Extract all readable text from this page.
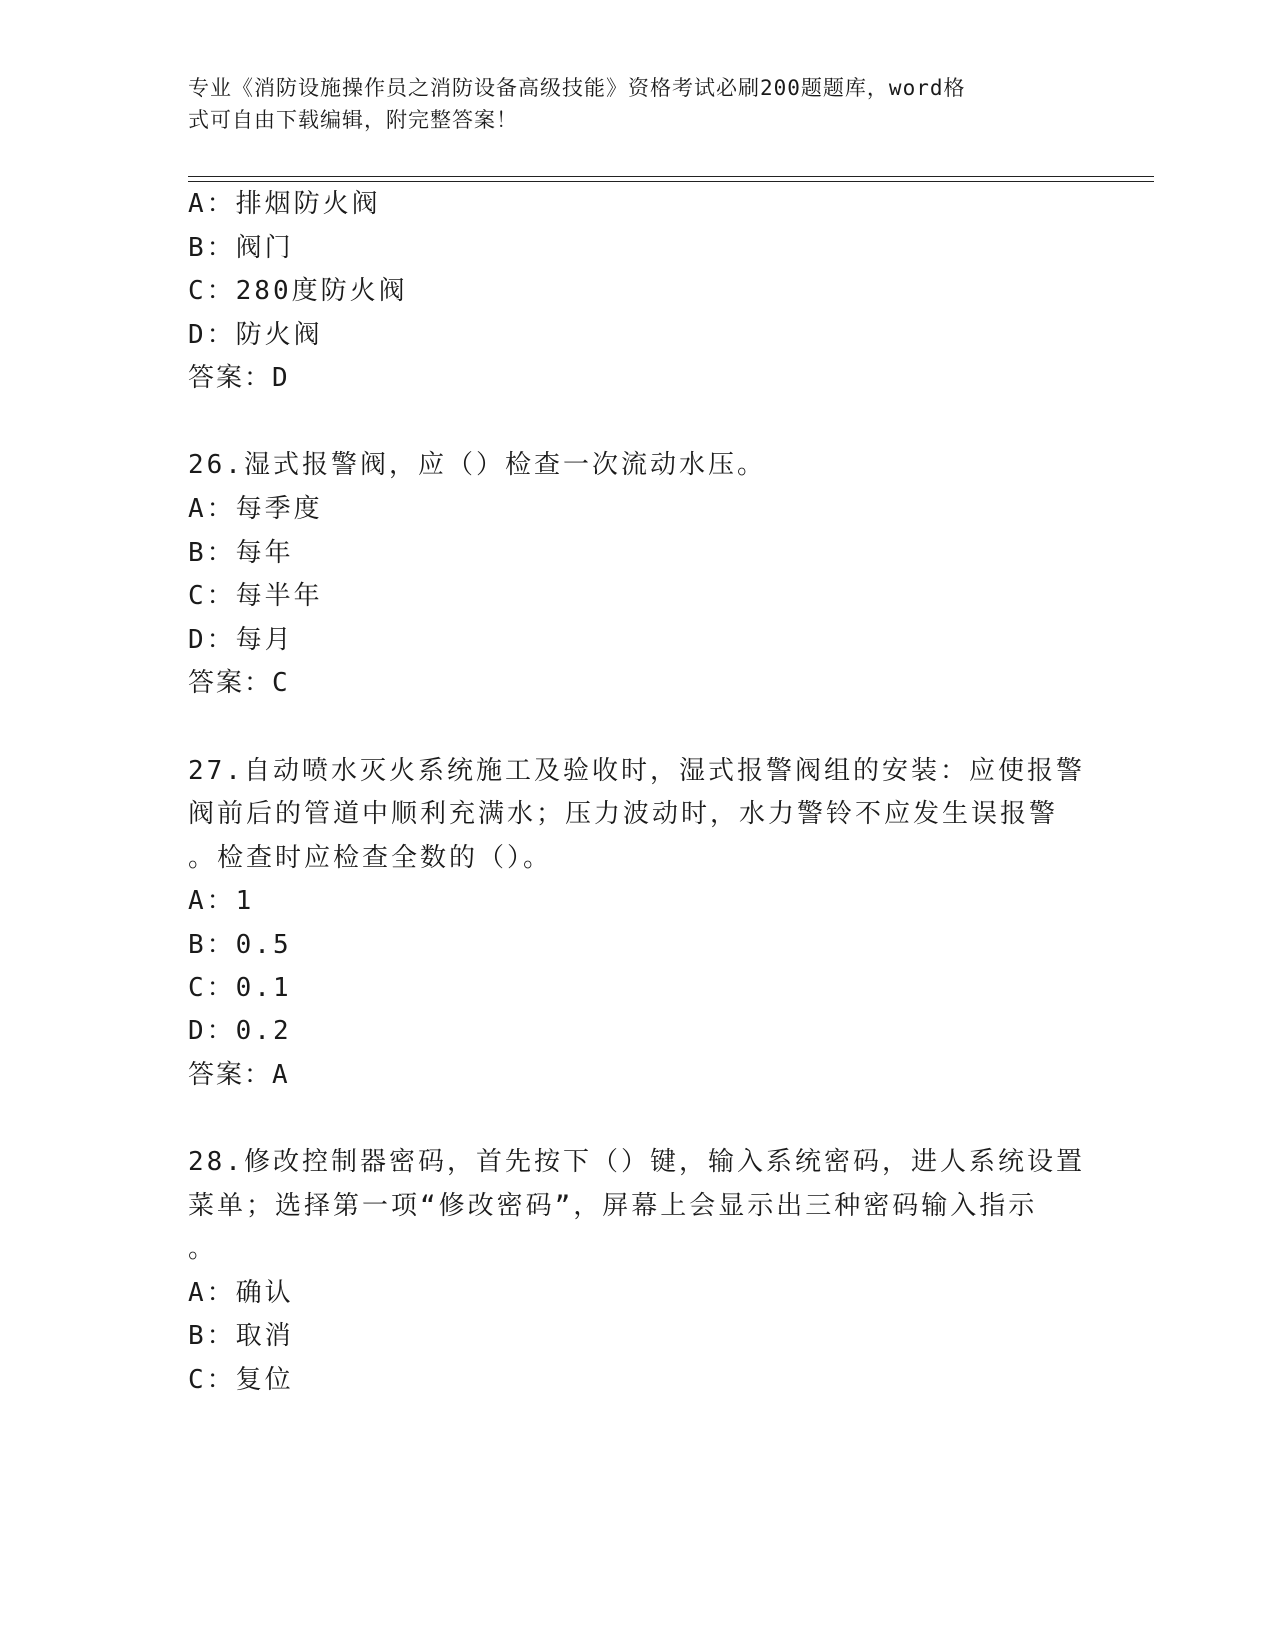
专业《消防设施操作员之消防设备高级技能》资格考试必刷200题题库，word格
式可自由下载编辑，附完整答案！
A：排烟防火阀
B：阀门
C：280度防火阀
D：防火阀
答案：D
26.湿式报警阀，应（）检查一次流动水压。
A：每季度
B：每年
C：每半年
D：每月
答案：C
27.自动喷水灭火系统施工及验收时，湿式报警阀组的安装：应使报警
阀前后的管道中顺利充满水；压力波动时，水力警铃不应发生误报警
。检查时应检查全数的（）。
A：1
B：0.5
C：0.1
D：0.2
答案：A
28.修改控制器密码，首先按下（）键，输入系统密码，进人系统设置
菜单；选择第一项“修改密码”，屏幕上会显示出三种密码输入指示
。
A：确认
B：取消
C：复位
